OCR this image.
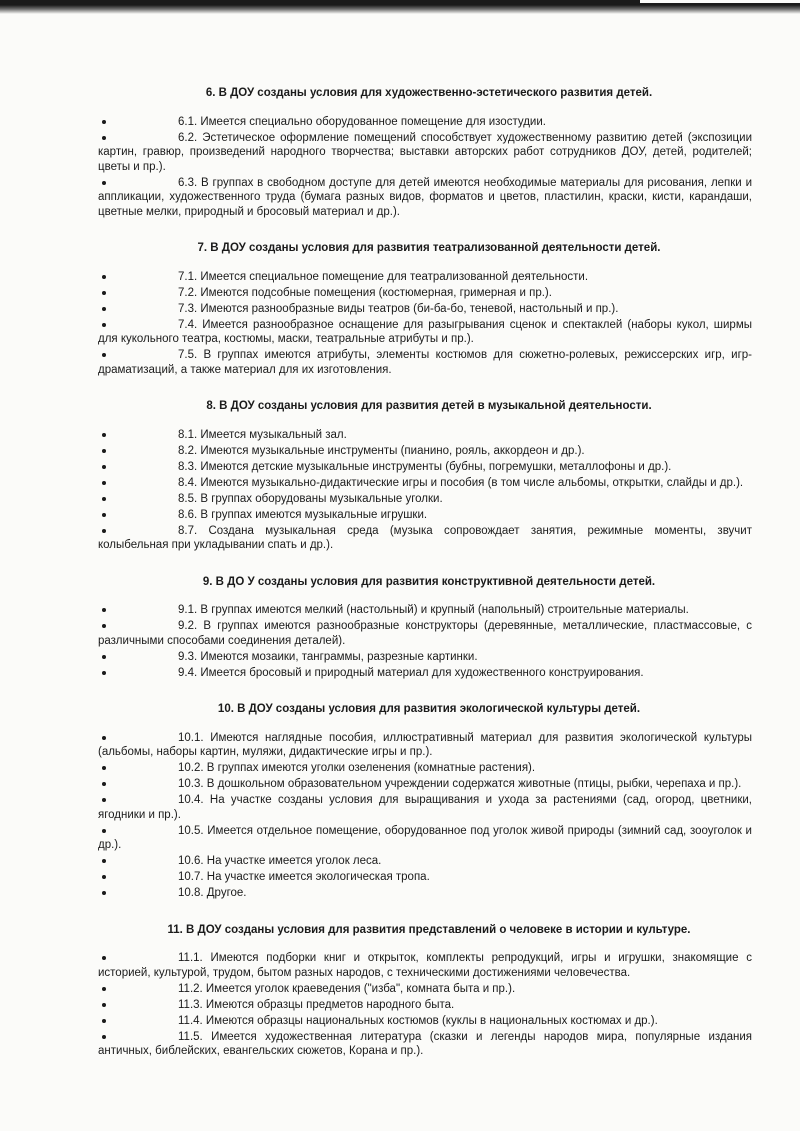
6. В ДОУ созданы условия для художественно-эстетического развития детей.
6.1. Имеется специально оборудованное помещение для изостудии.
6.2. Эстетическое оформление помещений способствует художественному развитию детей (экспозиции картин, гравюр, произведений народного творчества; выставки авторских работ сотрудников ДОУ, детей, родителей; цветы и пр.).
6.3. В группах в свободном доступе для детей имеются необходимые материалы для рисования, лепки и аппликации, художественного труда (бумага разных видов, форматов и цветов, пластилин, краски, кисти, карандаши, цветные мелки, природный и бросовый материал и др.).
7. В ДОУ созданы условия для развития театрализованной деятельности детей.
7.1. Имеется специальное помещение для театрализованной деятельности.
7.2. Имеются подсобные помещения (костюмерная, гримерная и пр.).
7.3. Имеются разнообразные виды театров (би-ба-бо, теневой, настольный и пр.).
7.4. Имеется разнообразное оснащение для разыгрывания сценок и спектаклей (наборы кукол, ширмы для кукольного театра, костюмы, маски, театральные атрибуты и пр.).
7.5. В группах имеются атрибуты, элементы костюмов для сюжетно-ролевых, режиссерских игр, игр-драматизаций, а также материал для их изготовления.
8. В ДОУ созданы условия для развития детей в музыкальной деятельности.
8.1. Имеется музыкальный зал.
8.2. Имеются музыкальные инструменты (пианино, рояль, аккордеон и др.).
8.3. Имеются детские музыкальные инструменты (бубны, погремушки, металлофоны и др.).
8.4. Имеются музыкально-дидактические игры и пособия (в том числе альбомы, открытки, слайды и др.).
8.5. В группах оборудованы музыкальные уголки.
8.6. В группах имеются музыкальные игрушки.
8.7. Создана музыкальная среда (музыка сопровождает занятия, режимные моменты, звучит колыбельная при укладывании спать и др.).
9. В ДО У созданы условия для развития конструктивной деятельности детей.
9.1. В группах имеются мелкий (настольный) и крупный (напольный) строительные материалы.
9.2. В группах имеются разнообразные конструкторы (деревянные, металлические, пластмассовые, с различными способами соединения деталей).
9.3. Имеются мозаики, танграммы, разрезные картинки.
9.4. Имеется бросовый и природный материал для художественного конструирования.
10. В ДОУ созданы условия для развития экологической культуры детей.
10.1. Имеются наглядные пособия, иллюстративный материал для развития экологической культуры (альбомы, наборы картин, муляжи, дидактические игры и пр.).
10.2. В группах имеются уголки озеленения (комнатные растения).
10.3. В дошкольном образовательном учреждении содержатся животные (птицы, рыбки, черепаха и пр.).
10.4. На участке созданы условия для выращивания и ухода за растениями (сад, огород, цветники, ягодники и пр.).
10.5. Имеется отдельное помещение, оборудованное под уголок живой природы (зимний сад, зооуголок и др.).
10.6. На участке имеется уголок леса.
10.7. На участке имеется экологическая тропа.
10.8. Другое.
11. В ДОУ созданы условия для развития представлений о человеке в истории и культуре.
11.1. Имеются подборки книг и открыток, комплекты репродукций, игры и игрушки, знакомящие с историей, культурой, трудом, бытом разных народов, с техническими достижениями человечества.
11.2. Имеется уголок краеведения ("изба", комната быта и пр.).
11.3. Имеются образцы предметов народного быта.
11.4. Имеются образцы национальных костюмов (куклы в национальных костюмах и др.).
11.5. Имеется художественная литература (сказки и легенды народов мира, популярные издания античных, библейских, евангельских сюжетов, Корана и пр.).
